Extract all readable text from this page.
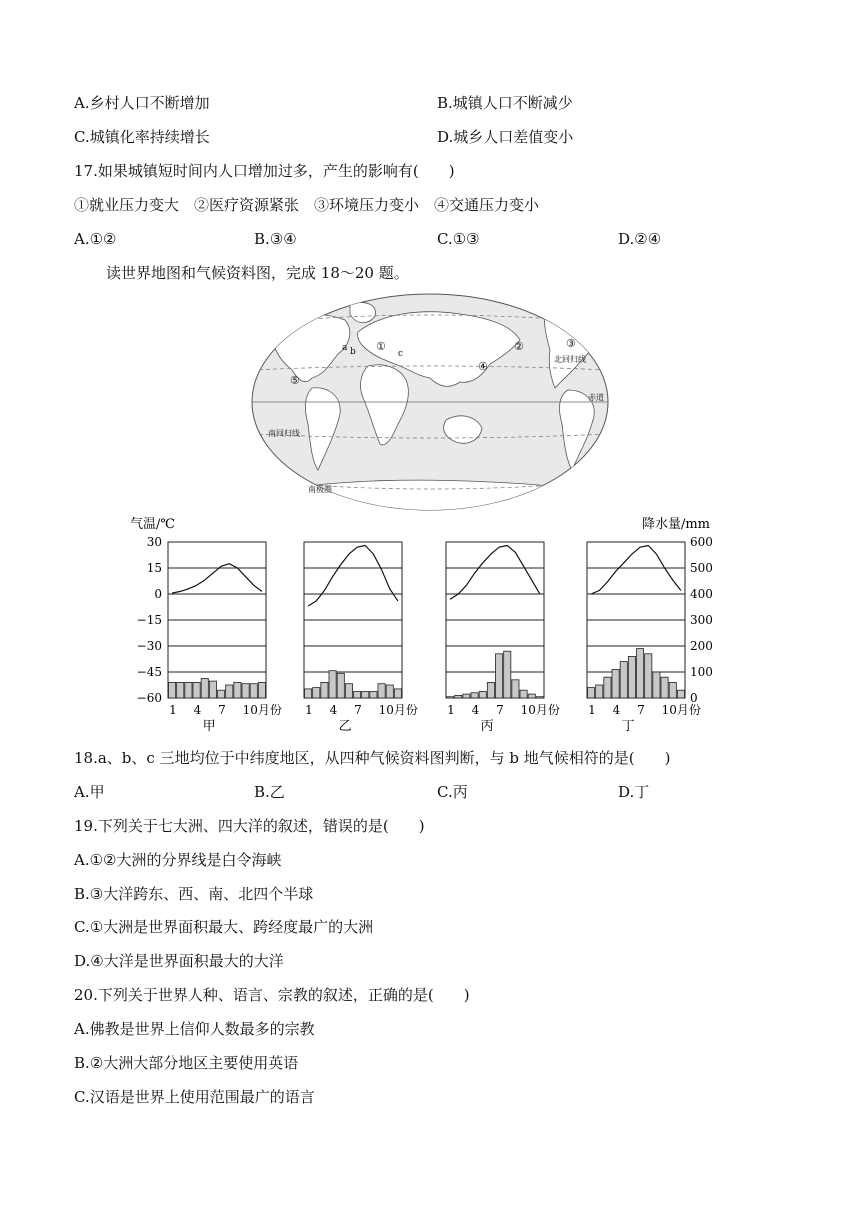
A.乡村人口不断增加	B.城镇人口不断减少
C.城镇化率持续增长	D.城乡人口差值变小
17.如果城镇短时间内人口增加过多，产生的影响有(　　)
①就业压力变大　②医疗资源紧张　③环境压力变小　④交通压力变小
A.①②	B.③④	C.①③	D.②④
读世界地图和气候资料图，完成 18～20 题。
①	②	③
④
⑤
a b	c
北回归线
赤道
南回归线
南极圈
气温/℃	降水量/mm
30
15
0
−15
−30
−45
−60
600
500
400
300
200
100
0
1 4 7 10月份
甲
1 4 7 10月份
乙
1 4 7 10月份
丙
1 4 7 10月份
丁
18.a、b、c 三地均位于中纬度地区，从四种气候资料图判断，与 b 地气候相符的是(　　)
A.甲	B.乙	C.丙	D.丁
19.下列关于七大洲、四大洋的叙述，错误的是(　　)
A.①②大洲的分界线是白令海峡
B.③大洋跨东、西、南、北四个半球
C.①大洲是世界面积最大、跨经度最广的大洲
D.④大洋是世界面积最大的大洋
20.下列关于世界人种、语言、宗教的叙述，正确的是(　　)
A.佛教是世界上信仰人数最多的宗教
B.②大洲大部分地区主要使用英语
C.汉语是世界上使用范围最广的语言
